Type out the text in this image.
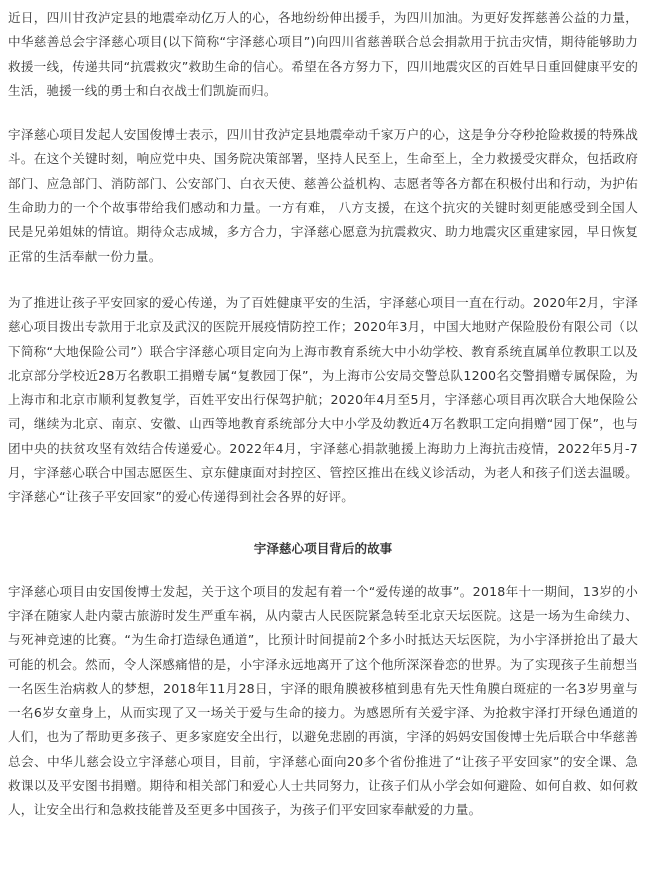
近日，四川甘孜泸定县的地震牵动亿万人的心，各地纷纷伸出援手，为四川加油。为更好发挥慈善公益的力量，中华慈善总会宇泽慈心项目(以下简称“宇泽慈心项目”)向四川省慈善联合总会捐款用于抗击灾情，期待能够助力救援一线，传递共同“抗震救灾”救助生命的信心。希望在各方努力下，四川地震灾区的百姓早日重回健康平安的生活，驰援一线的勇士和白衣战士们凯旋而归。

宇泽慈心项目发起人安国俊博士表示，四川甘孜泸定县地震牵动千家万户的心，这是争分夺秒抢险救援的特殊战斗。在这个关键时刻，响应党中央、国务院决策部署，坚持人民至上，生命至上，全力救援受灾群众，包括政府部门、应急部门、消防部门、公安部门、白衣天使、慈善公益机构、志愿者等各方都在积极付出和行动，为护佑生命助力的一个个故事带给我们感动和力量。一方有难， 八方支援，在这个抗灾的关键时刻更能感受到全国人民是兄弟姐妹的情谊。期待众志成城，多方合力，宇泽慈心愿意为抗震救灾、助力地震灾区重建家园，早日恢复正常的生活奉献一份力量。

为了推进让孩子平安回家的爱心传递，为了百姓健康平安的生活，宇泽慈心项目一直在行动。2020年2月，宇泽慈心项目拨出专款用于北京及武汉的医院开展疫情防控工作；2020年3月，中国大地财产保险股份有限公司（以下简称“大地保险公司”）联合宇泽慈心项目定向为上海市教育系统大中小幼学校、教育系统直属单位教职工以及北京部分学校近28万名教职工捐赠专属“复教园丁保”，为上海市公安局交警总队1200名交警捐赠专属保险，为上海市和北京市顺利复教复学，百姓平安出行保驾护航；2020年4月至5月，宇泽慈心项目再次联合大地保险公司，继续为北京、南京、安徽、山西等地教育系统部分大中小学及幼教近4万名教职工定向捐赠“园丁保”，也与团中央的扶贫攻坚有效结合传递爱心。2022年4月，宇泽慈心捐款驰援上海助力上海抗击疫情，2022年5月-7月，宇泽慈心联合中国志愿医生、京东健康面对封控区、管控区推出在线义诊活动，为老人和孩子们送去温暖。宇泽慈心“让孩子平安回家”的爱心传递得到社会各界的好评。

宇泽慈心项目背后的故事

宇泽慈心项目由安国俊博士发起，关于这个项目的发起有着一个“爱传递的故事”。2018年十一期间，13岁的小宇泽在随家人赴内蒙古旅游时发生严重车祸，从内蒙古人民医院紧急转至北京天坛医院。这是一场为生命续力、与死神竞速的比赛。“为生命打造绿色通道”，比预计时间提前2个多小时抵达天坛医院，为小宇泽拼抢出了最大可能的机会。然而，令人深感痛惜的是，小宇泽永远地离开了这个他所深深眷恋的世界。为了实现孩子生前想当一名医生治病救人的梦想，2018年11月28日，宇泽的眼角膜被移植到患有先天性角膜白斑症的一名3岁男童与一名6岁女童身上，从而实现了又一场关于爱与生命的接力。为感恩所有关爱宇泽、为抢救宇泽打开绿色通道的人们，也为了帮助更多孩子、更多家庭安全出行，以避免悲剧的再演，宇泽的妈妈安国俊博士先后联合中华慈善总会、中华儿慈会设立宇泽慈心项目，目前，宇泽慈心面向20多个省份推进了“让孩子平安回家”的安全课、急救课以及平安图书捐赠。期待和相关部门和爱心人士共同努力，让孩子们从小学会如何避险、如何自救、如何救人，让安全出行和急救技能普及至更多中国孩子，为孩子们平安回家奉献爱的力量。
